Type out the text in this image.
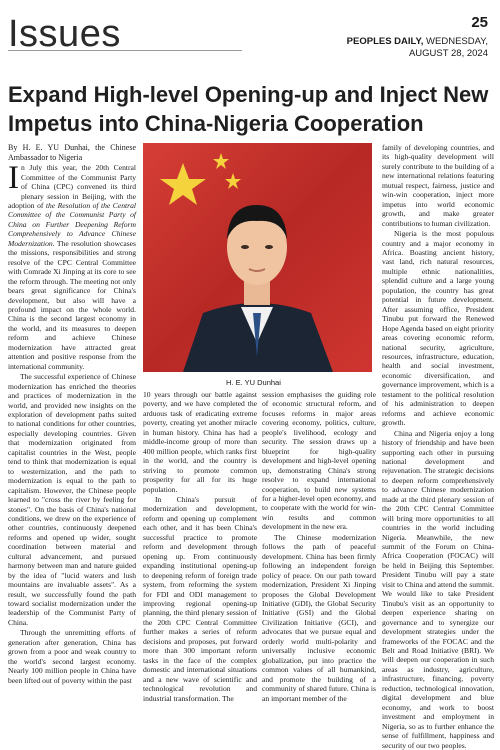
Issues	25
PEOPLES DAILY, WEDNESDAY,
AUGUST 28, 2024
Expand High-level Opening-up and Inject New Impetus into China-Nigeria Cooperation

By H. E. YU Dunhai, the Chinese Ambassador to Nigeria

In July this year, the 20th Central Committee of the Communist Party of China (CPC) convened its third plenary session in Beijing, with the adoption of the Resolution of the Central Committee of the Communist Party of China on Further Deepening Reform Comprehensively to Advance Chinese Modernization. The resolution showcases the missions, responsibilities and strong resolve of the CPC Central Committee with Comrade Xi Jinping at its core to see the reform through. The meeting not only bears great significance for China's development, but also will have a profound impact on the whole world. China is the second largest economy in the world, and its measures to deepen reform and achieve Chinese modernization have attracted great attention and positive response from the international community.

The successful experience of Chinese modernization has enriched the theories and practices of modernization in the world, and provided new insights on the exploration of development paths suited to national conditions for other countries, especially developing countries. Given that modernization originated from capitalist countries in the West, people tend to think that modernization is equal to westernization, and the path to modernization is equal to the path to capitalism. However, the Chinese people learned to "cross the river by feeling for stones". On the basis of China's national conditions, we drew on the experience of other countries, continuously deepened reforms and opened up wider, sought coordination between material and cultural advancement, and pursued harmony between man and nature guided by the idea of "lucid waters and lush mountains are invaluable assets". As a result, we successfully found the path toward socialist modernization under the leadership of the Communist Party of China.

Through the unremitting efforts of generation after generation, China has grown from a poor and weak country to the world's second largest economy. Nearly 100 million people in China have been lifted out of poverty within the past

H. E. YU Dunhai

10 years through our battle against poverty, and we have completed the arduous task of eradicating extreme poverty, creating yet another miracle in human history. China has had a middle-income group of more than 400 million people, which ranks first in the world, and the country is striving to promote common prosperity for all for its huge population.

In China's pursuit of modernization and development, reform and opening up complement each other, and it has been China's successful practice to promote reform and development through opening up. From continuously expanding institutional opening-up to deepening reform of foreign trade system, from reforming the system for FDI and ODI management to improving regional opening-up planning, the third plenary session of the 20th CPC Central Committee further makes a series of reform decisions and proposes, put forward more than 300 important reform tasks in the face of the complex domestic and international situations and a new wave of scientific and technological revolution and industrial transformation. The

session emphasises the guiding role of economic structural reform, and focuses reforms in major areas covering economy, politics, culture, people's livelihood, ecology and security. The session draws up a blueprint for high-quality development and high-level opening up, demonstrating China's strong resolve to expand international cooperation, to build new systems for a higher-level open economy, and to cooperate with the world for win-win results and common development in the new era.

The Chinese modernization follows the path of peaceful development. China has been firmly following an independent foreign policy of peace. On our path toward modernization, President Xi Jinping proposes the Global Development Initiative (GDI), the Global Security Initiative (GSI) and the Global Civilization Initiative (GCI), and advocates that we pursue equal and orderly world multi-polarity and universally inclusive economic globalization, put into practice the common values of all humankind, and promote the building of a community of shared future. China is an important member of the

family of developing countries, and its high-quality development will surely contribute to the building of a new international relations featuring mutual respect, fairness, justice and win-win cooperation, inject more impetus into world economic growth, and make greater contributions to human civilization.

Nigeria is the most populous country and a major economy in Africa. Boasting ancient history, vast land, rich natural resources, multiple ethnic nationalities, splendid culture and a large young population, the country has great potential in future development. After assuming office, President Tinubu put forward the Renewed Hope Agenda based on eight priority areas covering economic reform, national security, agriculture, resources, infrastructure, education, health and social investment, economic diversification, and governance improvement, which is a testament to the political resolution of his administration to deepen reforms and achieve economic growth.

China and Nigeria enjoy a long history of friendship and have been supporting each other in pursuing national development and rejuvenation. The strategic decisions to deepen reform comprehensively to advance Chinese modernization made at the third plenary session of the 20th CPC Central Committee will bring more opportunities to all countries in the world including Nigeria. Meanwhile, the new summit of the Forum on China-Africa Cooperation (FOCAC) will be held in Beijing this September. President Tinubu will pay a state visit to China and attend the summit. We would like to take President Tinubu's visit as an opportunity to deepen experience sharing on governance and to synergize our development strategies under the frameworks of the FOCAC and the Belt and Road Initiative (BRI). We will deepen our cooperation in such areas as industry, agriculture, infrastructure, financing, poverty reduction, technological innovation, digital development and blue economy, and work to boost investment and employment in Nigeria, so as to further enhance the sense of fulfillment, happiness and security of our two peoples.
